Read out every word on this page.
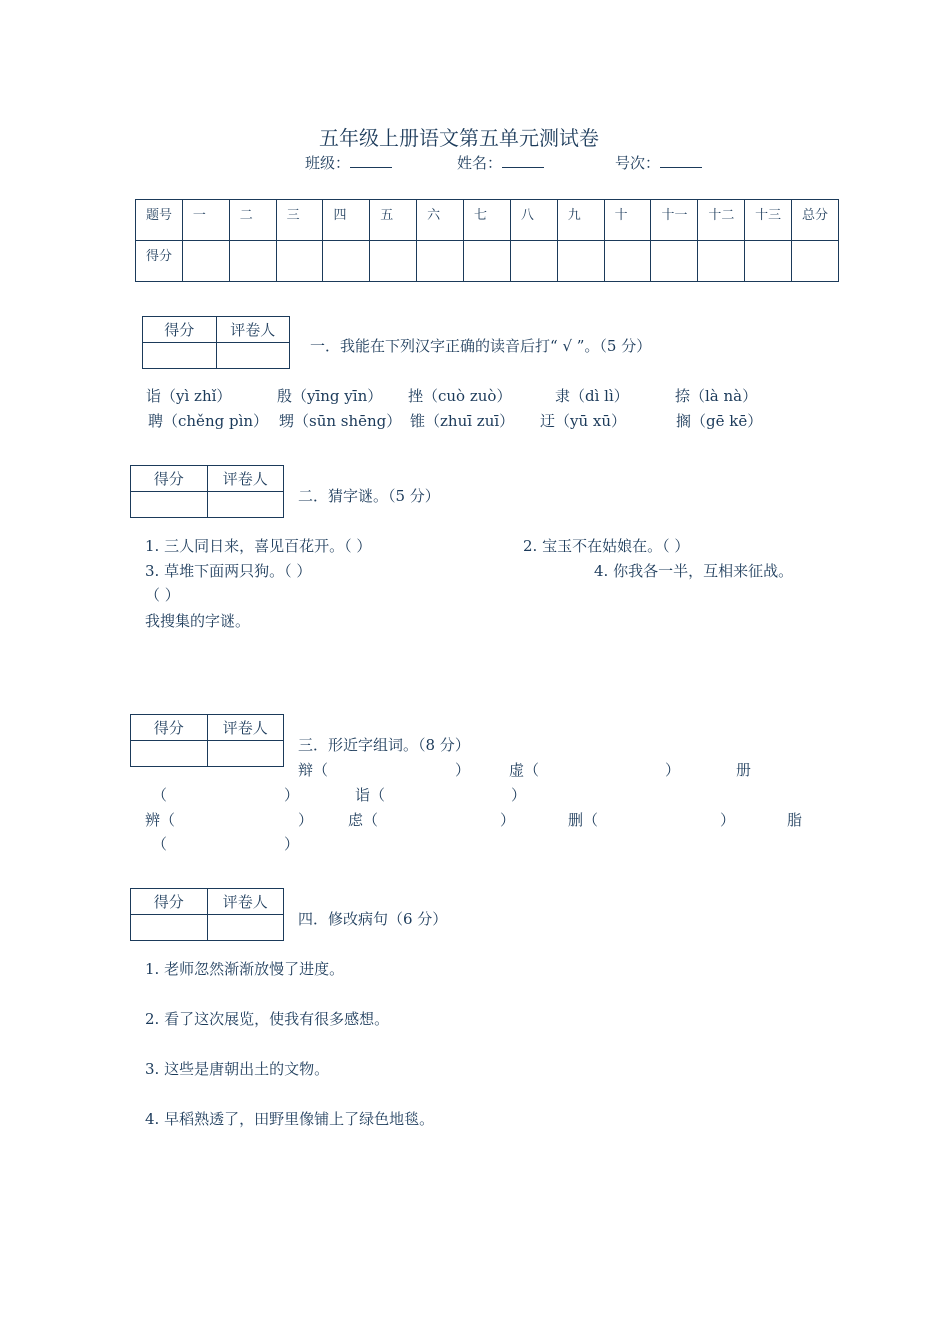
五年级上册语文第五单元测试卷
班级：	姓名：	号次：
题号	一	二	三	四	五	六	七	八	九	十	十一	十二	十三	总分
得分														
得分	评卷人

一．我能在下列汉字正确的读音后打“ √ ”。（5 分）
诣（yì zhǐ）	殷（yīng yīn） 挫（cuò zuò）	隶（dì lì）	捺（là nà）
聘（chěng pìn） 甥（sūn shēng） 锥（zhuī zuī） 迂（yū xū）	搁（gē kē）
得分	评卷人

二．猜字谜。（5 分）
1. 三人同日来，喜见百花开。（ ）	2. 宝玉不在姑娘在。（ ）
3. 草堆下面两只狗。（ ）	4. 你我各一半，互相来征战。
（ ）
我搜集的字谜。
得分	评卷人

三．形近字组词。（8 分）
辩（	）	虚（	）	册
（	）	诣（	）
辨（	） 虑（	）	删（	）	脂
（	）
得分	评卷人

四．修改病句（6 分）
1. 老师忽然渐渐放慢了进度。
2. 看了这次展览，使我有很多感想。
3. 这些是唐朝出土的文物。
4. 早稻熟透了，田野里像铺上了绿色地毯。
